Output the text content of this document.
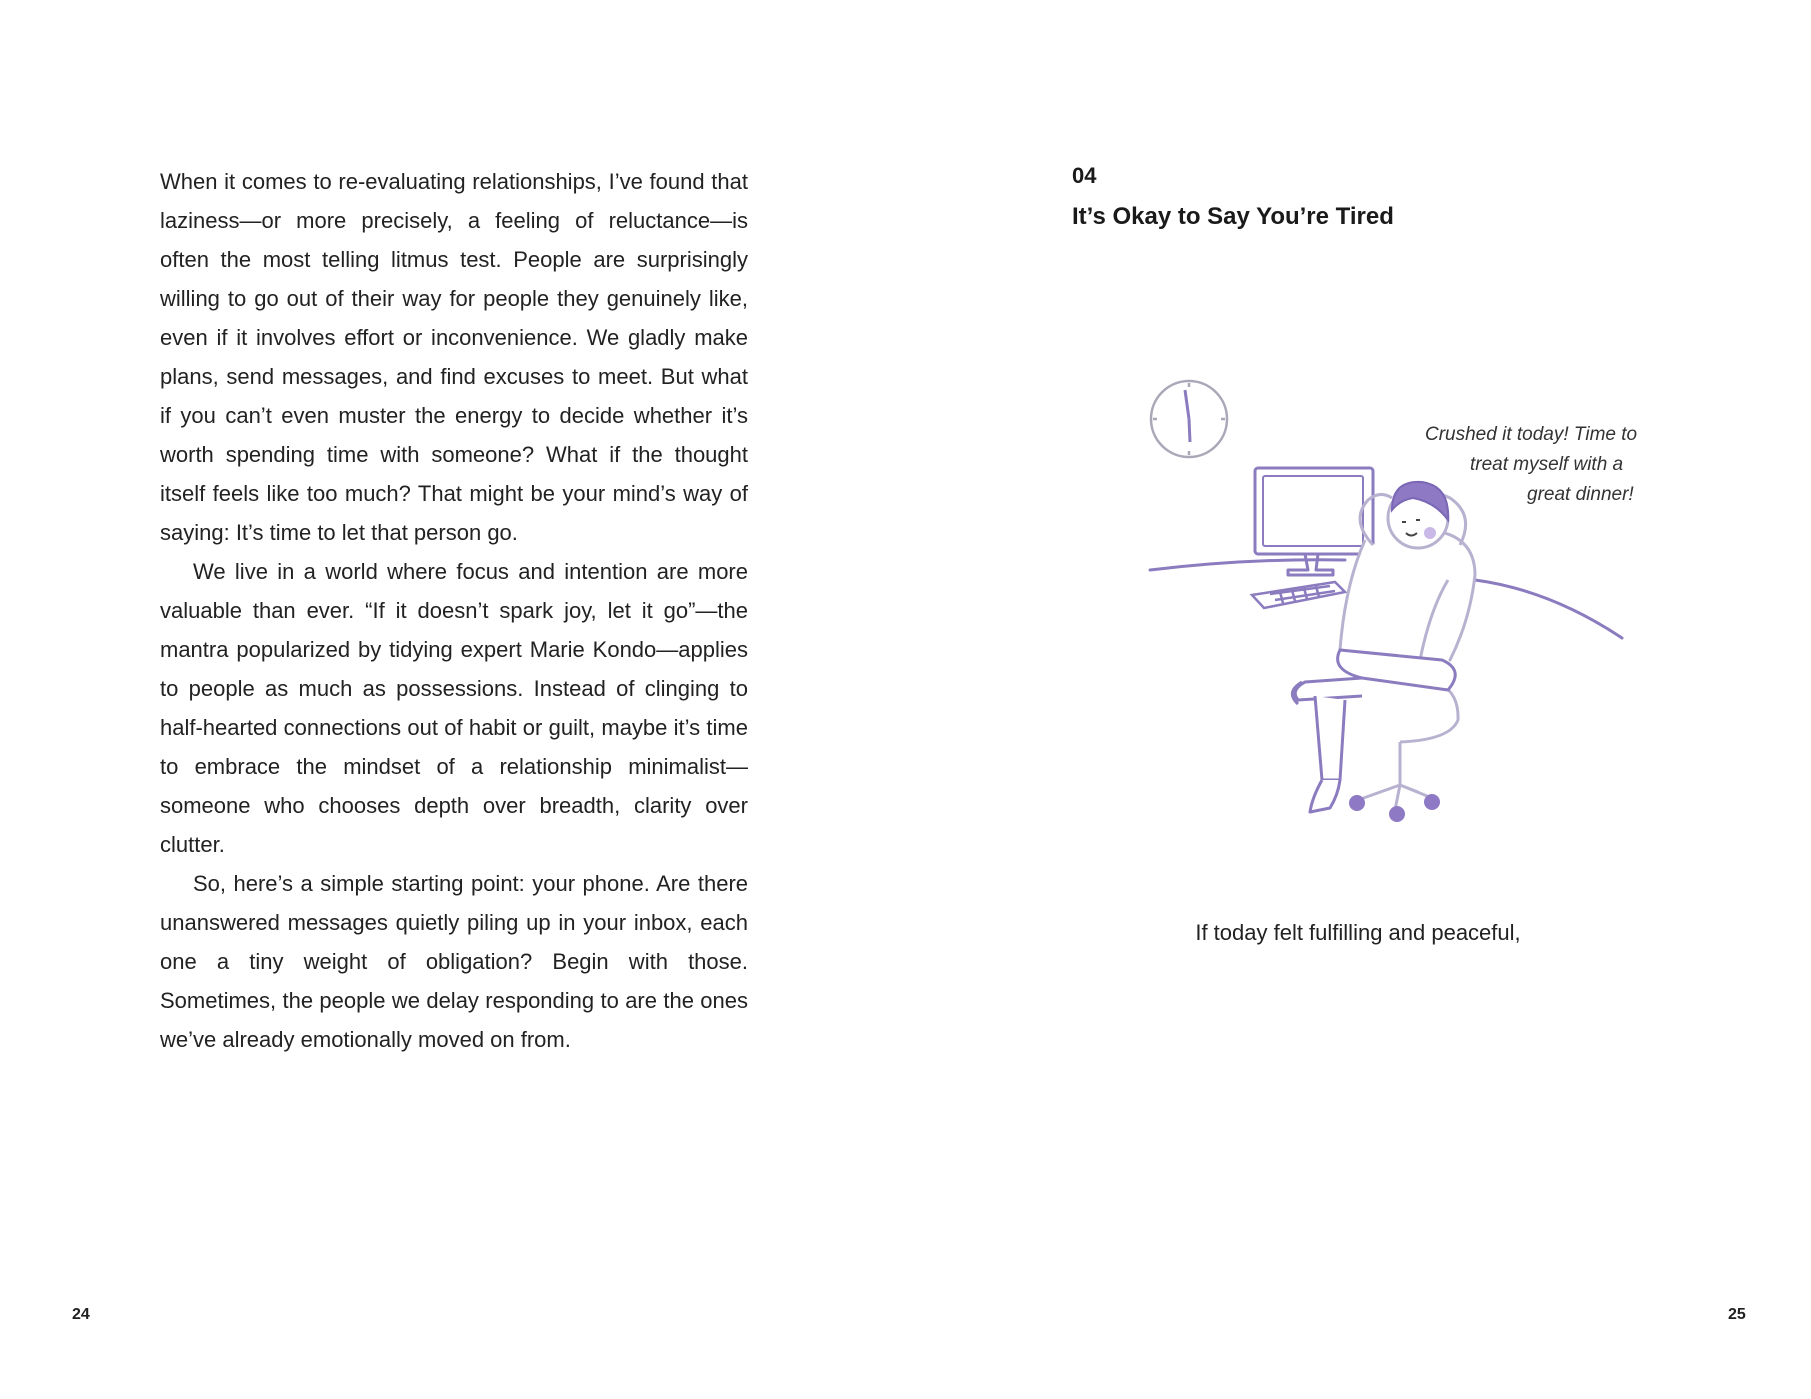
When it comes to re-evaluating relationships, I’ve found that laziness—or more precisely, a feeling of reluctance—is often the most telling litmus test. People are surprisingly willing to go out of their way for people they genuinely like, even if it involves effort or inconvenience. We gladly make plans, send messages, and find excuses to meet. But what if you can’t even muster the energy to decide whether it’s worth spending time with someone? What if the thought itself feels like too much? That might be your mind’s way of saying: It’s time to let that person go.

We live in a world where focus and intention are more valuable than ever. “If it doesn’t spark joy, let it go”—the mantra popularized by tidying expert Marie Kondo—applies to people as much as possessions. Instead of clinging to half-hearted connections out of habit or guilt, maybe it’s time to embrace the mindset of a relationship minimalist—someone who chooses depth over breadth, clarity over clutter.

So, here’s a simple starting point: your phone. Are there unanswered messages quietly piling up in your inbox, each one a tiny weight of obligation? Begin with those. Sometimes, the people we delay responding to are the ones we’ve already emotionally moved on from.

24
04
It’s Okay to Say You’re Tired
Crushed it today! Time to
treat myself with a
great dinner!
If today felt fulfilling and peaceful,
25
